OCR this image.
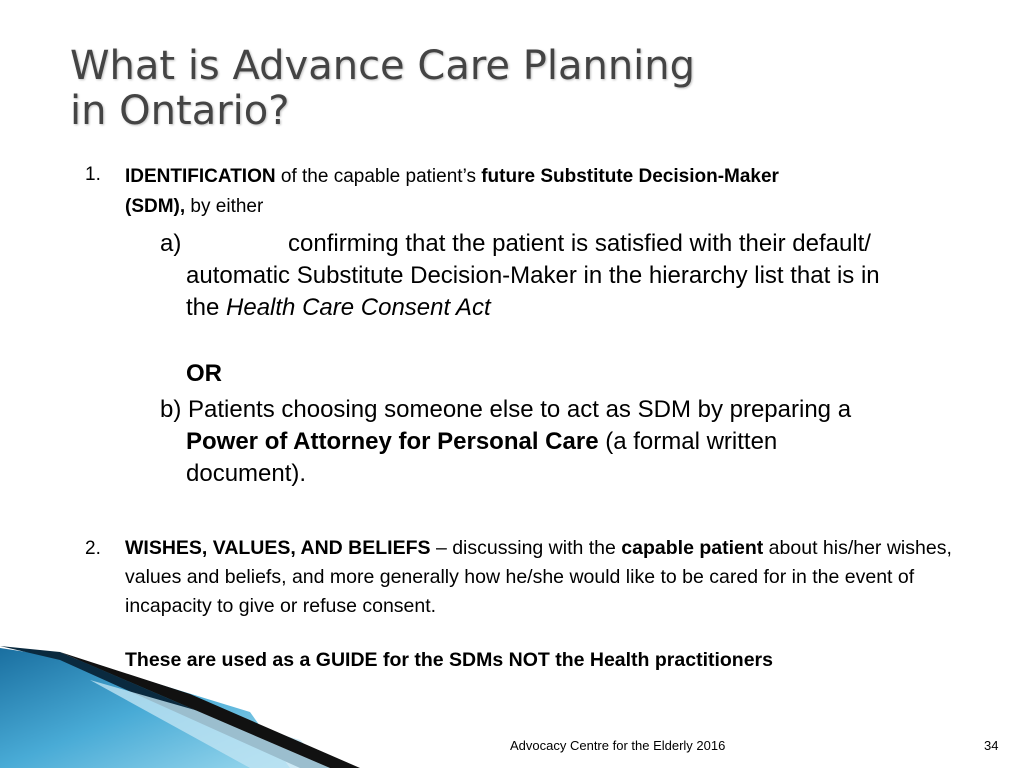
What is Advance Care Planning
in Ontario?
1. IDENTIFICATION of the capable patient’s future Substitute Decision-Maker
(SDM), by either
a)	confirming that the patient is satisfied with their default/
automatic Substitute Decision-Maker in the hierarchy list that is in
the Health Care Consent Act
OR
b) Patients choosing someone else to act as SDM by preparing a
Power of Attorney for Personal Care (a formal written
document).
2. WISHES, VALUES, AND BELIEFS – discussing with the capable patient about his/her wishes, values and beliefs, and more generally how he/she would like to be cared for in the event of incapacity to give or refuse consent.
These are used as a GUIDE for the SDMs NOT the Health practitioners
Advocacy Centre for the Elderly 2016	34
